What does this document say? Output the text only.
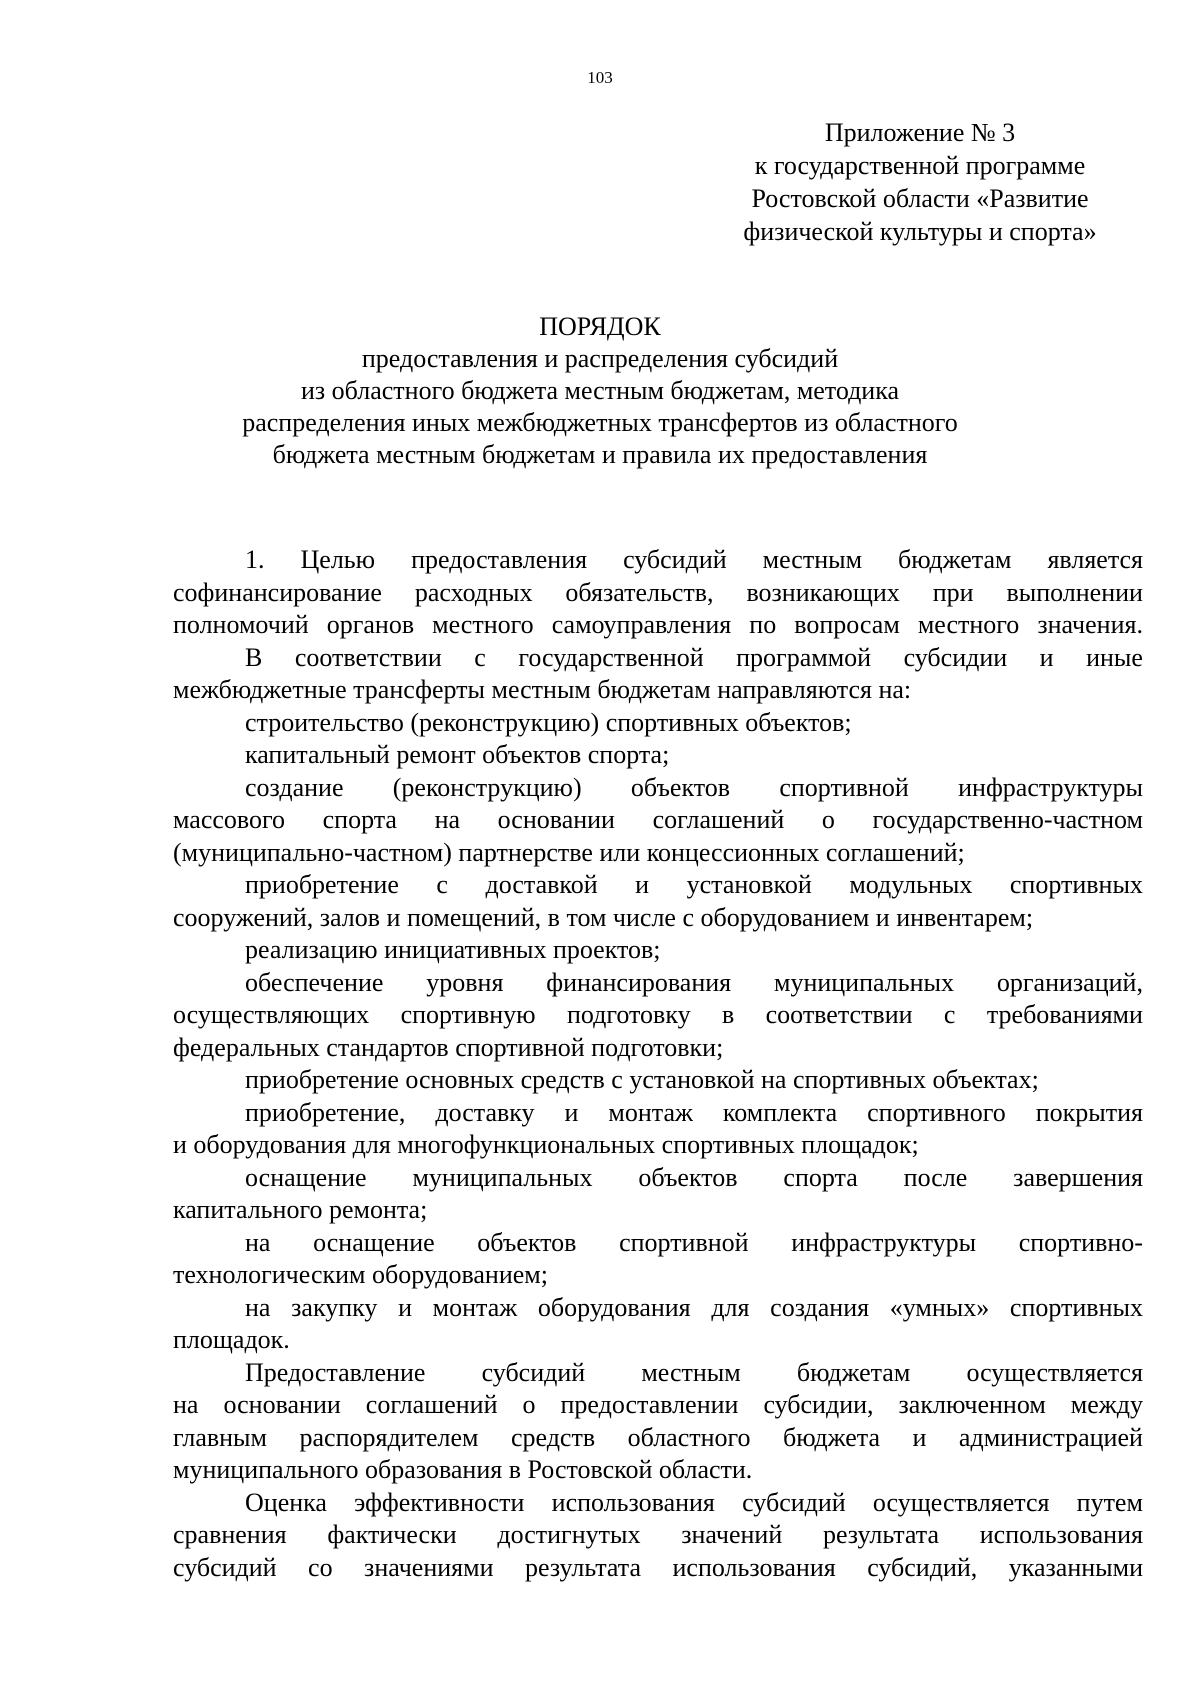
103
Приложение № 3
к государственной программе
Ростовской области «Развитие
физической культуры и спорта»
ПОРЯДОК
предоставления и распределения субсидий
из областного бюджета местным бюджетам, методика
распределения иных межбюджетных трансфертов из областного
бюджета местным бюджетам и правила их предоставления
1. Целью предоставления субсидий местным бюджетам является
софинансирование расходных обязательств, возникающих при выполнении
полномочий органов местного самоуправления по вопросам местного значения.
В соответствии с государственной программой субсидии и иные
межбюджетные трансферты местным бюджетам направляются на:
строительство (реконструкцию) спортивных объектов;
капитальный ремонт объектов спорта;
создание (реконструкцию) объектов спортивной инфраструктуры
массового спорта на основании соглашений о государственно-частном
(муниципально-частном) партнерстве или концессионных соглашений;
приобретение с доставкой и установкой модульных спортивных
сооружений, залов и помещений, в том числе с оборудованием и инвентарем;
реализацию инициативных проектов;
обеспечение уровня финансирования муниципальных организаций,
осуществляющих спортивную подготовку в соответствии с требованиями
федеральных стандартов спортивной подготовки;
приобретение основных средств с установкой на спортивных объектах;
приобретение, доставку и монтаж комплекта спортивного покрытия
и оборудования для многофункциональных спортивных площадок;
оснащение муниципальных объектов спорта после завершения
капитального ремонта;
на оснащение объектов спортивной инфраструктуры спортивно-
технологическим оборудованием;
на закупку и монтаж оборудования для создания «умных» спортивных
площадок.
Предоставление субсидий местным бюджетам осуществляется
на основании соглашений о предоставлении субсидии, заключенном между
главным распорядителем средств областного бюджета и администрацией
муниципального образования в Ростовской области.
Оценка эффективности использования субсидий осуществляется путем
сравнения фактически достигнутых значений результата использования
субсидий со значениями результата использования субсидий, указанными
